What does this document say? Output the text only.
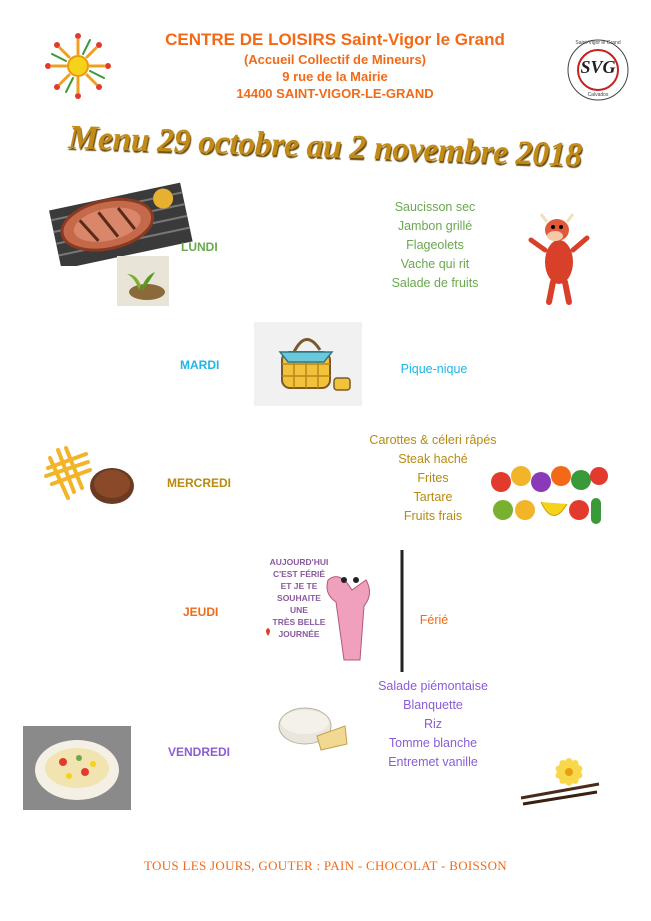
CENTRE DE LOISIRS Saint-Vigor le Grand
(Accueil Collectif de Mineurs)
9 rue de la Mairie
14400 SAINT-VIGOR-LE-GRAND
SVG
Saint-Vigor le Grand
Calvados
Menu 29 octobre au 2 novembre 2018
LUNDI
Saucisson sec
Jambon grillé
Flageolets
Vache qui rit
Salade de fruits
MARDI	Pique-nique
MERCREDI
Carottes & céleri râpés
Steak haché
Frites
Tartare
Fruits frais
JEUDI
AUJOURD'HUI
C'EST FÉRIÉ
ET JE TE
SOUHAITE
UNE
TRÈS BELLE
JOURNÉE
Férié
VENDREDI
Salade piémontaise
Blanquette
Riz
Tomme blanche
Entremet vanille
TOUS LES JOURS, GOUTER : PAIN - CHOCOLAT - BOISSON
